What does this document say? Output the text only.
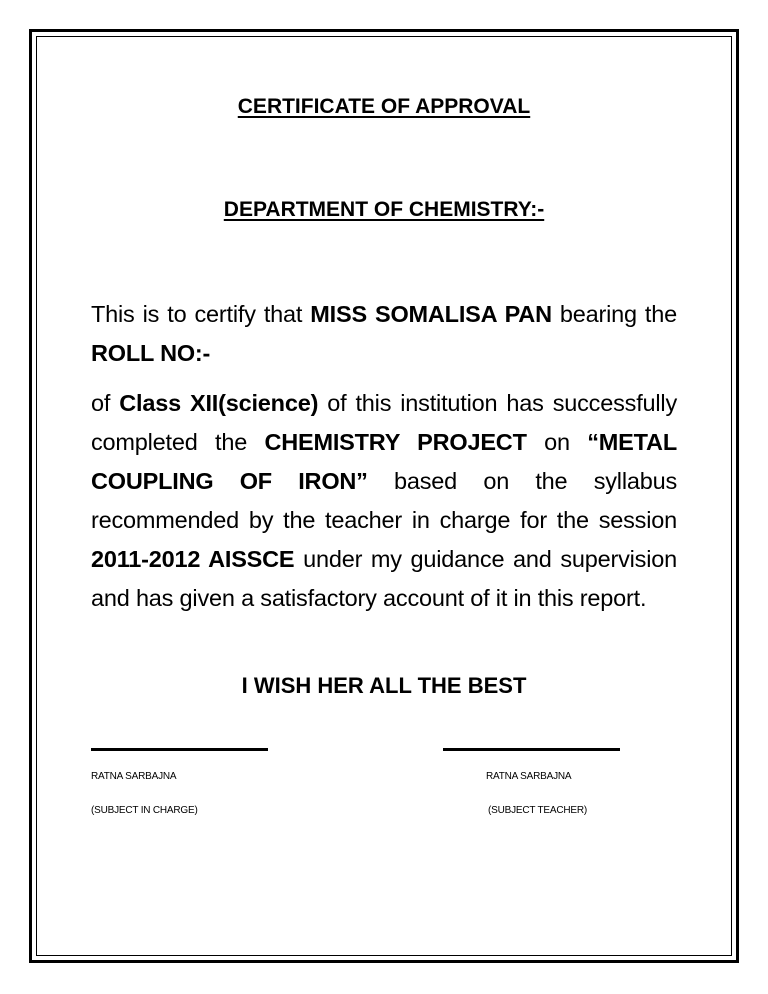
CERTIFICATE OF APPROVAL
DEPARTMENT OF CHEMISTRY:-
This is to certify that MISS SOMALISA PAN bearing the ROLL NO:-
of Class XII(science) of this institution has successfully completed the CHEMISTRY PROJECT on “METAL COUPLING OF IRON” based on the syllabus recommended by the teacher in charge for the session 2011-2012 AISSCE under my guidance and supervision and has given a satisfactory account of it in this report.
I WISH HER ALL THE BEST
RATNA SARBAJNA
(SUBJECT IN CHARGE)
RATNA SARBAJNA
(SUBJECT TEACHER)
